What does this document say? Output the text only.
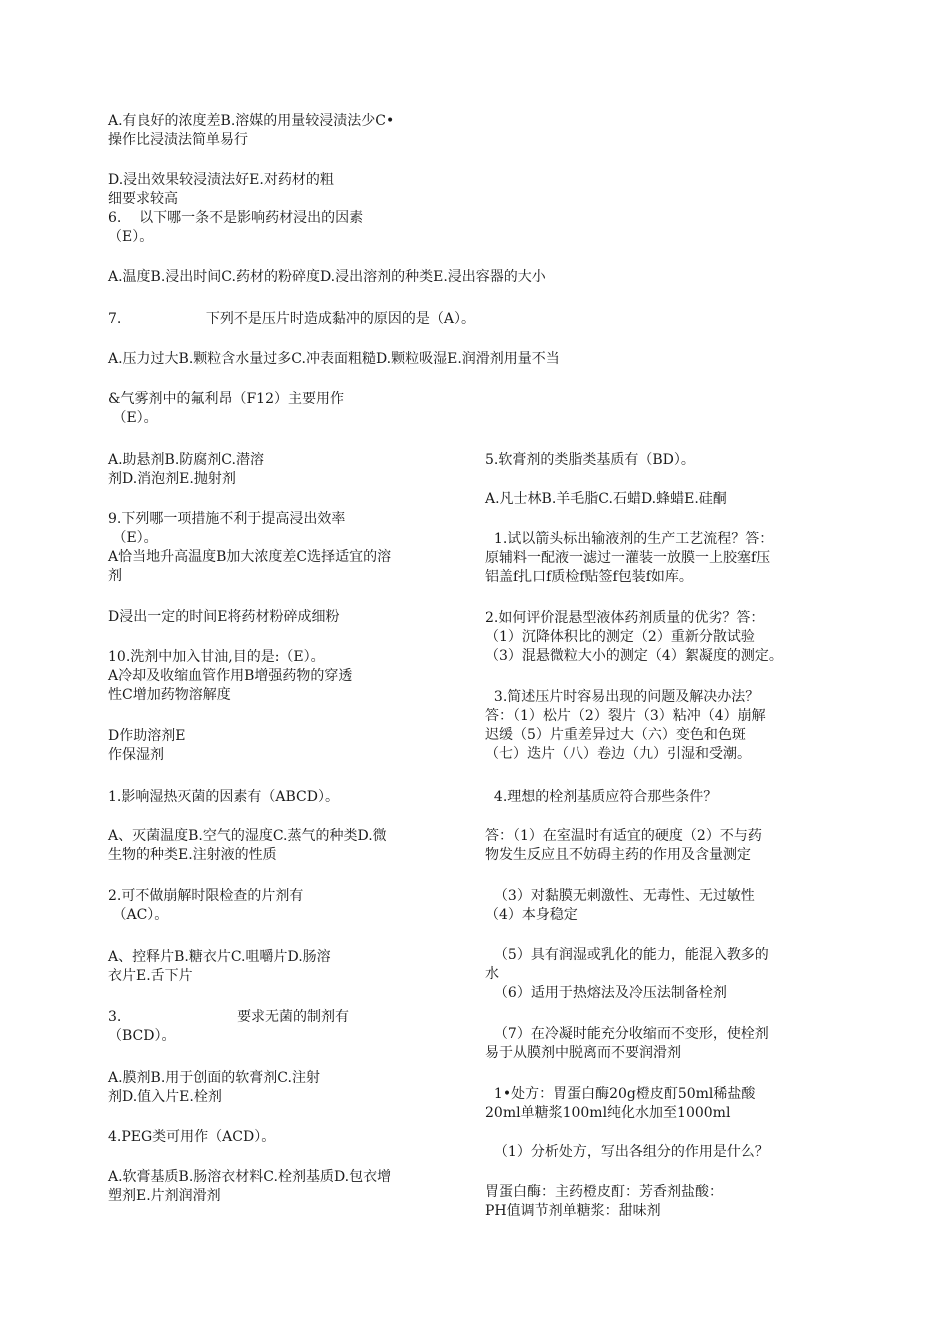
A.有良好的浓度差B.溶媒的用量较浸渍法少C•
操作比浸渍法简单易行

D.浸出效果较浸渍法好E.对药材的粗
细要求较高
6.    以下哪一条不是影响药材浸出的因素
（E）。

A.温度B.浸出时间C.药材的粉碎度D.浸出溶剂的种类E.浸出容器的大小

7.                   下列不是压片时造成黏冲的原因的是（A）。

A.压力过大B.颗粒含水量过多C.冲表面粗糙D.颗粒吸湿E.润滑剂用量不当

&气雾剂中的氟利昂（F12）主要用作
（E）。

A.助悬剂B.防腐剂C.潜溶
剂D.消泡剂E.抛射剂

9.下列哪一项措施不利于提高浸出效率
（E）。
A恰当地升高温度B加大浓度差C选择适宜的溶
剂

D浸出一定的时间E将药材粉碎成细粉

10.洗剂中加入甘油,目的是:（E）。
A冷却及收缩血管作用B增强药物的穿透
性C增加药物溶解度

D作助溶剂E
作保湿剂

1.影响湿热灭菌的因素有（ABCD）。

A、灭菌温度B.空气的湿度C.蒸气的种类D.微
生物的种类E.注射液的性质

2.可不做崩解时限检查的片剂有
（AC）。

A、控释片B.糖衣片C.咀嚼片D.肠溶
衣片E.舌下片

3.                          要求无菌的制剂有
（BCD）。

A.膜剂B.用于创面的软膏剂C.注射
剂D.值入片E.栓剂

4.PEG类可用作（ACD）。

A.软膏基质B.肠溶衣材料C.栓剂基质D.包衣增
塑剂E.片剂润滑剂

5.软膏剂的类脂类基质有（BD）。

A.凡士林B.羊毛脂C.石蜡D.蜂蜡E.硅酮

1.试以箭头标出输液剂的生产工艺流程？答：
原辅料一配液一滤过一灌装一放膜一上胶塞f压
铝盖f扎口f质检f贴签f包装f如库。

2.如何评价混悬型液体药剂质量的优劣？答：
（1）沉降体积比的测定（2）重新分散试验
（3）混悬微粒大小的测定（4）絮凝度的测定。

3.简述压片时容易出现的问题及解决办法？
答：（1）松片（2）裂片（3）粘冲（4）崩解
迟缓（5）片重差异过大（六）变色和色斑
（七）迭片（八）卷边（九）引湿和受潮。

4.理想的栓剂基质应符合那些条件？

答：（1）在室温时有适宜的硬度（2）不与药
物发生反应且不妨碍主药的作用及含量测定

（3）对黏膜无刺激性、无毒性、无过敏性
（4）本身稳定

（5）具有润湿或乳化的能力，能混入教多的
水
（6）适用于热熔法及冷压法制备栓剂

（7）在冷凝时能充分收缩而不变形，使栓剂
易于从膜剂中脱离而不要润滑剂

1•处方：胃蛋白酶20g橙皮酊50ml稀盐酸
20ml单糖浆100ml纯化水加至1000ml

（1）分析处方，写出各组分的作用是什么？

胃蛋白酶：主药橙皮酊：芳香剂盐酸：
PH值调节剂单糖浆：甜味剂
